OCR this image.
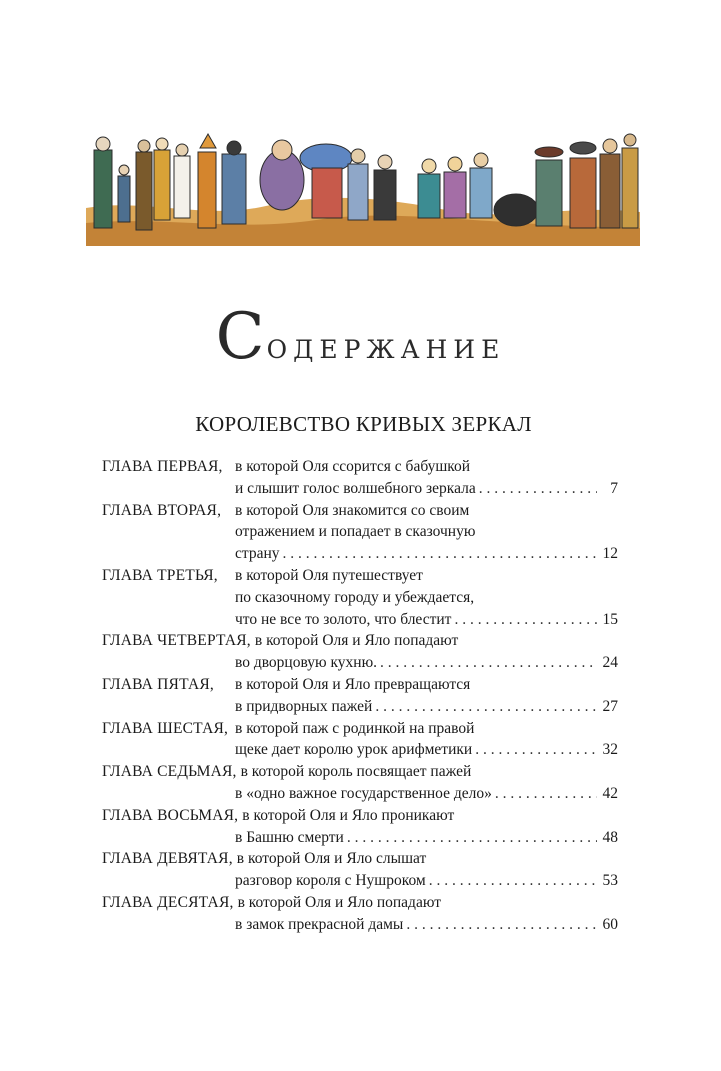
Содержание
КОРОЛЕВСТВО КРИВЫХ ЗЕРКАЛ
ГЛАВА ПЕРВАЯ, в которой Оля ссорится с бабушкой
и слышит голос волшебного зеркала . . .	7
ГЛАВА ВТОРАЯ, в которой Оля знакомится со своим
отражением и попадает в сказочную
страну . . .	12
ГЛАВА ТРЕТЬЯ, в которой Оля путешествует
по сказочному городу и убеждается,
что не все то золото, что блестит . . .	15
ГЛАВА ЧЕТВЕРТАЯ, в которой Оля и Яло попадают
во дворцовую кухню. . . .	24
ГЛАВА ПЯТАЯ, в которой Оля и Яло превращаются
в придворных пажей . . .	27
ГЛАВА ШЕСТАЯ, в которой паж с родинкой на правой
щеке дает королю урок арифметики . . .	32
ГЛАВА СЕДЬМАЯ, в которой король посвящает пажей
в «одно важное государственное дело» . . .	42
ГЛАВА ВОСЬМАЯ, в которой Оля и Яло проникают
в Башню смерти . . .	48
ГЛАВА ДЕВЯТАЯ, в которой Оля и Яло слышат
разговор короля с Нушроком . . .	53
ГЛАВА ДЕСЯТАЯ, в которой Оля и Яло попадают
в замок прекрасной дамы . . .	60
